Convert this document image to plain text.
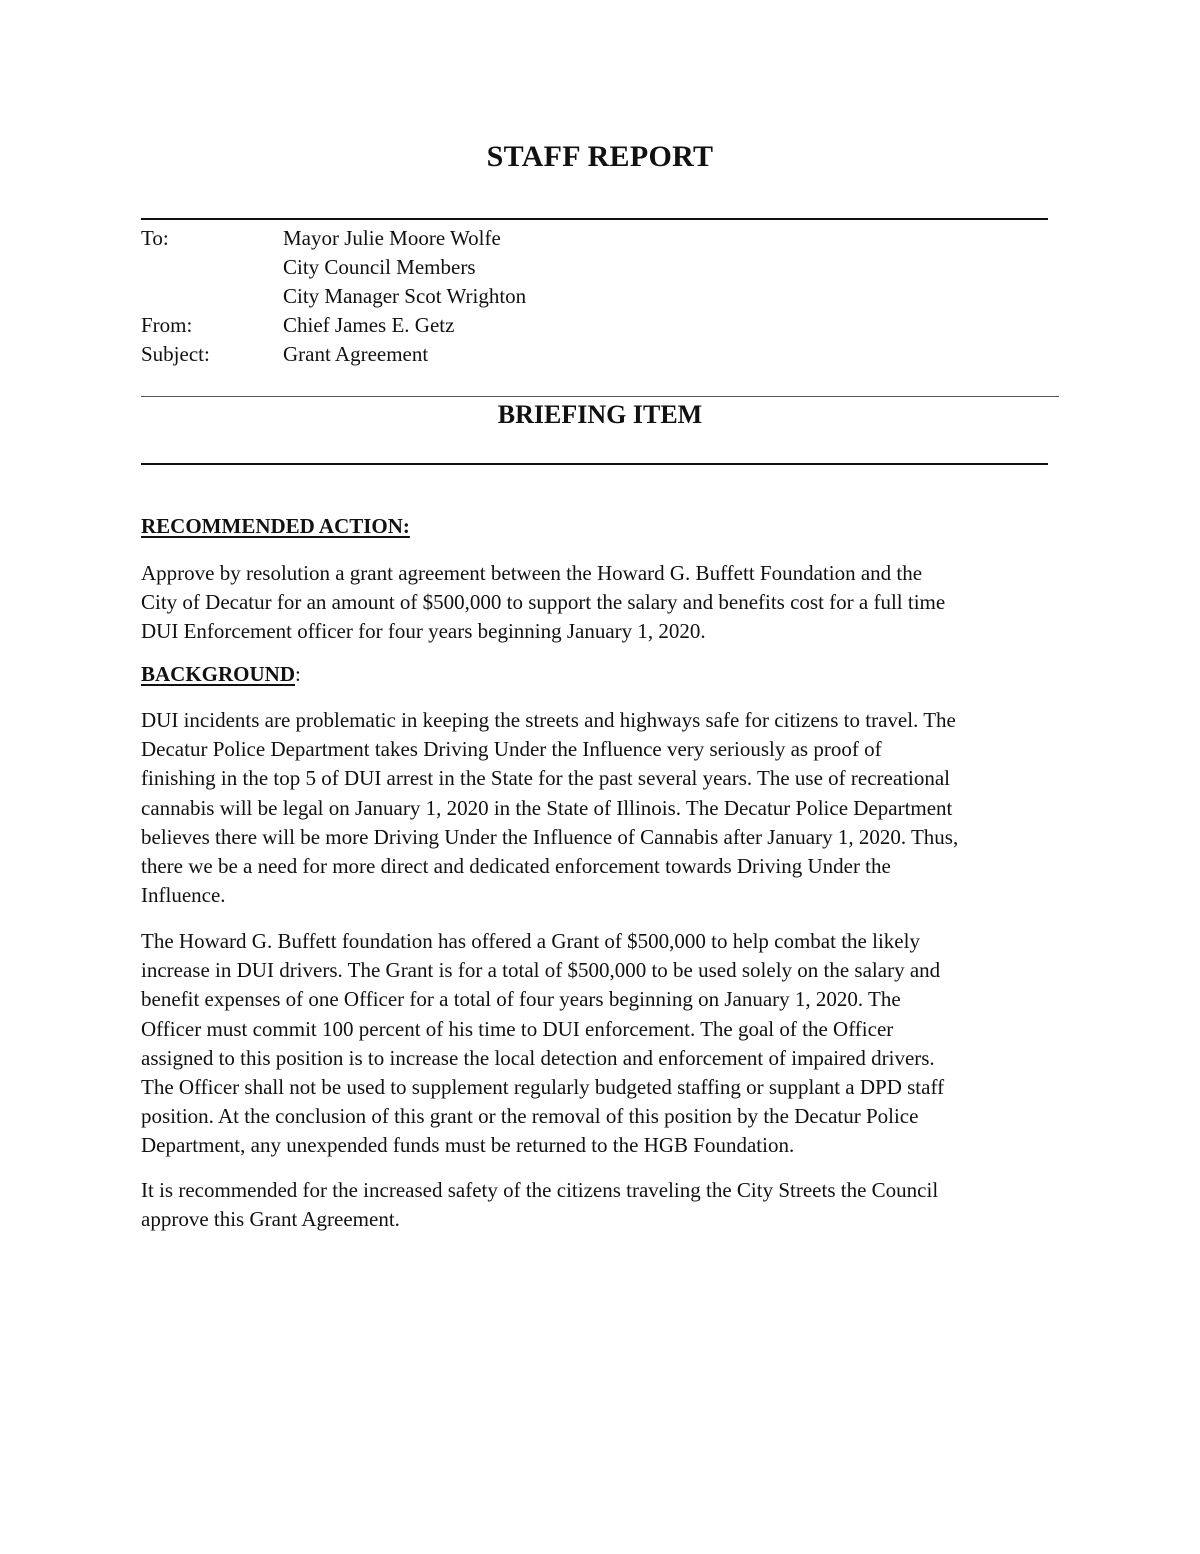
STAFF REPORT
To:	Mayor Julie Moore Wolfe
City Council Members
City Manager Scot Wrighton
From:	Chief James E. Getz
Subject:	Grant Agreement
BRIEFING ITEM
RECOMMENDED ACTION:

Approve by resolution a grant agreement between the Howard G. Buffett Foundation and the
City of Decatur for an amount of $500,000 to support the salary and benefits cost for a full time
DUI Enforcement officer for four years beginning January 1, 2020.

BACKGROUND:

DUI incidents are problematic in keeping the streets and highways safe for citizens to travel. The
Decatur Police Department takes Driving Under the Influence very seriously as proof of
finishing in the top 5 of DUI arrest in the State for the past several years. The use of recreational
cannabis will be legal on January 1, 2020 in the State of Illinois. The Decatur Police Department
believes there will be more Driving Under the Influence of Cannabis after January 1, 2020. Thus,
there we be a need for more direct and dedicated enforcement towards Driving Under the
Influence.

The Howard G. Buffett foundation has offered a Grant of $500,000 to help combat the likely
increase in DUI drivers. The Grant is for a total of $500,000 to be used solely on the salary and
benefit expenses of one Officer for a total of four years beginning on January 1, 2020. The
Officer must commit 100 percent of his time to DUI enforcement. The goal of the Officer
assigned to this position is to increase the local detection and enforcement of impaired drivers.
The Officer shall not be used to supplement regularly budgeted staffing or supplant a DPD staff
position. At the conclusion of this grant or the removal of this position by the Decatur Police
Department, any unexpended funds must be returned to the HGB Foundation.

It is recommended for the increased safety of the citizens traveling the City Streets the Council
approve this Grant Agreement.
